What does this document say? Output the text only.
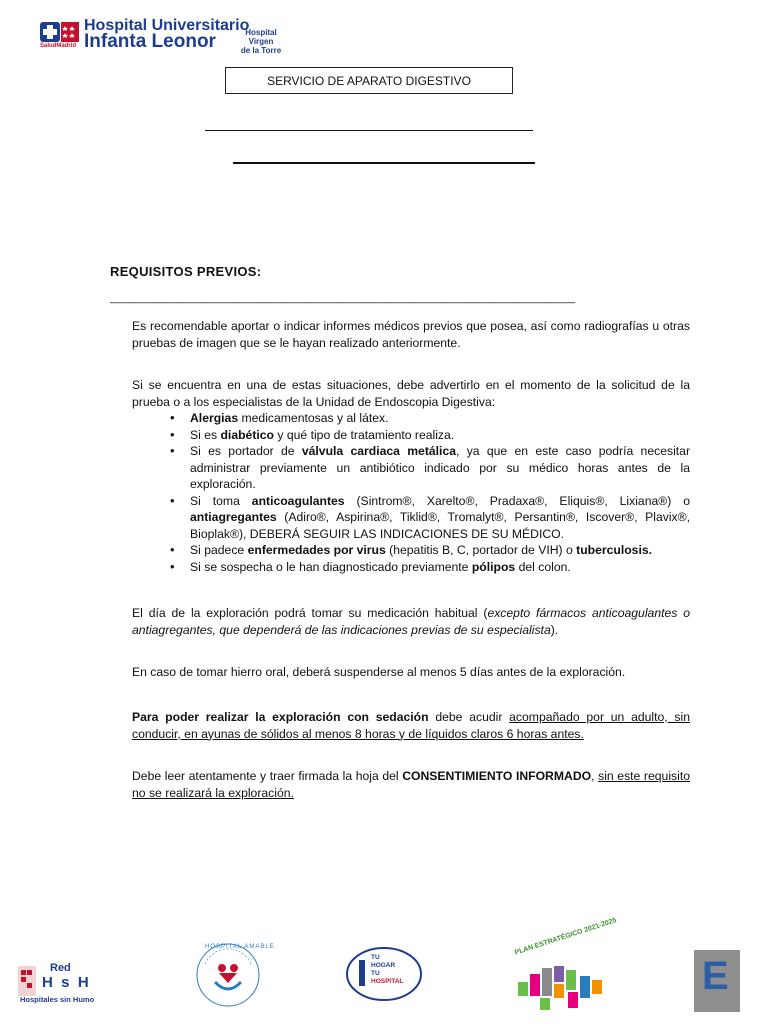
SaludMadrid
Hospital Universitario
Infanta Leonor	Hospital Virgen
de la Torre
SERVICIO DE APARATO DIGESTIVO
REQUISITOS PREVIOS:
____________________________________________________________________________
Es recomendable aportar o indicar informes médicos previos que posea, así como radiografías u otras pruebas de imagen que se le hayan realizado anteriormente.
Si se encuentra en una de estas situaciones, debe advertirlo en el momento de la solicitud de la prueba o a los especialistas de la Unidad de Endoscopia Digestiva:
• Alergias medicamentosas y al látex.
• Si es diabético y qué tipo de tratamiento realiza.
• Si es portador de válvula cardiaca metálica, ya que en este caso podría necesitar administrar previamente un antibiótico indicado por su médico horas antes de la exploración.
• Si toma anticoagulantes (Sintrom®, Xarelto®, Pradaxa®, Eliquis®, Lixiana®) o antiagregantes (Adiro®, Aspirina®, Tiklid®, Tromalyt®, Persantin®, Iscover®, Plavix®, Bioplak®), DEBERÁ SEGUIR LAS INDICACIONES DE SU MÉDICO.
• Si padece enfermedades por virus (hepatitis B, C, portador de VIH) o tuberculosis.
• Si se sospecha o le han diagnosticado previamente pólipos del colon.
El día de la exploración podrá tomar su medicación habitual (excepto fármacos anticoagulantes o antiagregantes, que dependerá de las indicaciones previas de su especialista).
En caso de tomar hierro oral, deberá suspenderse al menos 5 días antes de la exploración.
Para poder realizar la exploración con sedación debe acudir acompañado por un adulto, sin conducir, en ayunas de sólidos al menos 8 horas y de líquidos claros 6 horas antes.
Debe leer atentamente y traer firmada la hoja del CONSENTIMIENTO INFORMADO, sin este requisito no se realizará la exploración.
Red
H  s  H
Hospitales sin Humo
HOSPITAL AMABLE
TU
HOGAR
TU
HOSPITAL
PLAN ESTRATÉGICO 2021-2025
E
